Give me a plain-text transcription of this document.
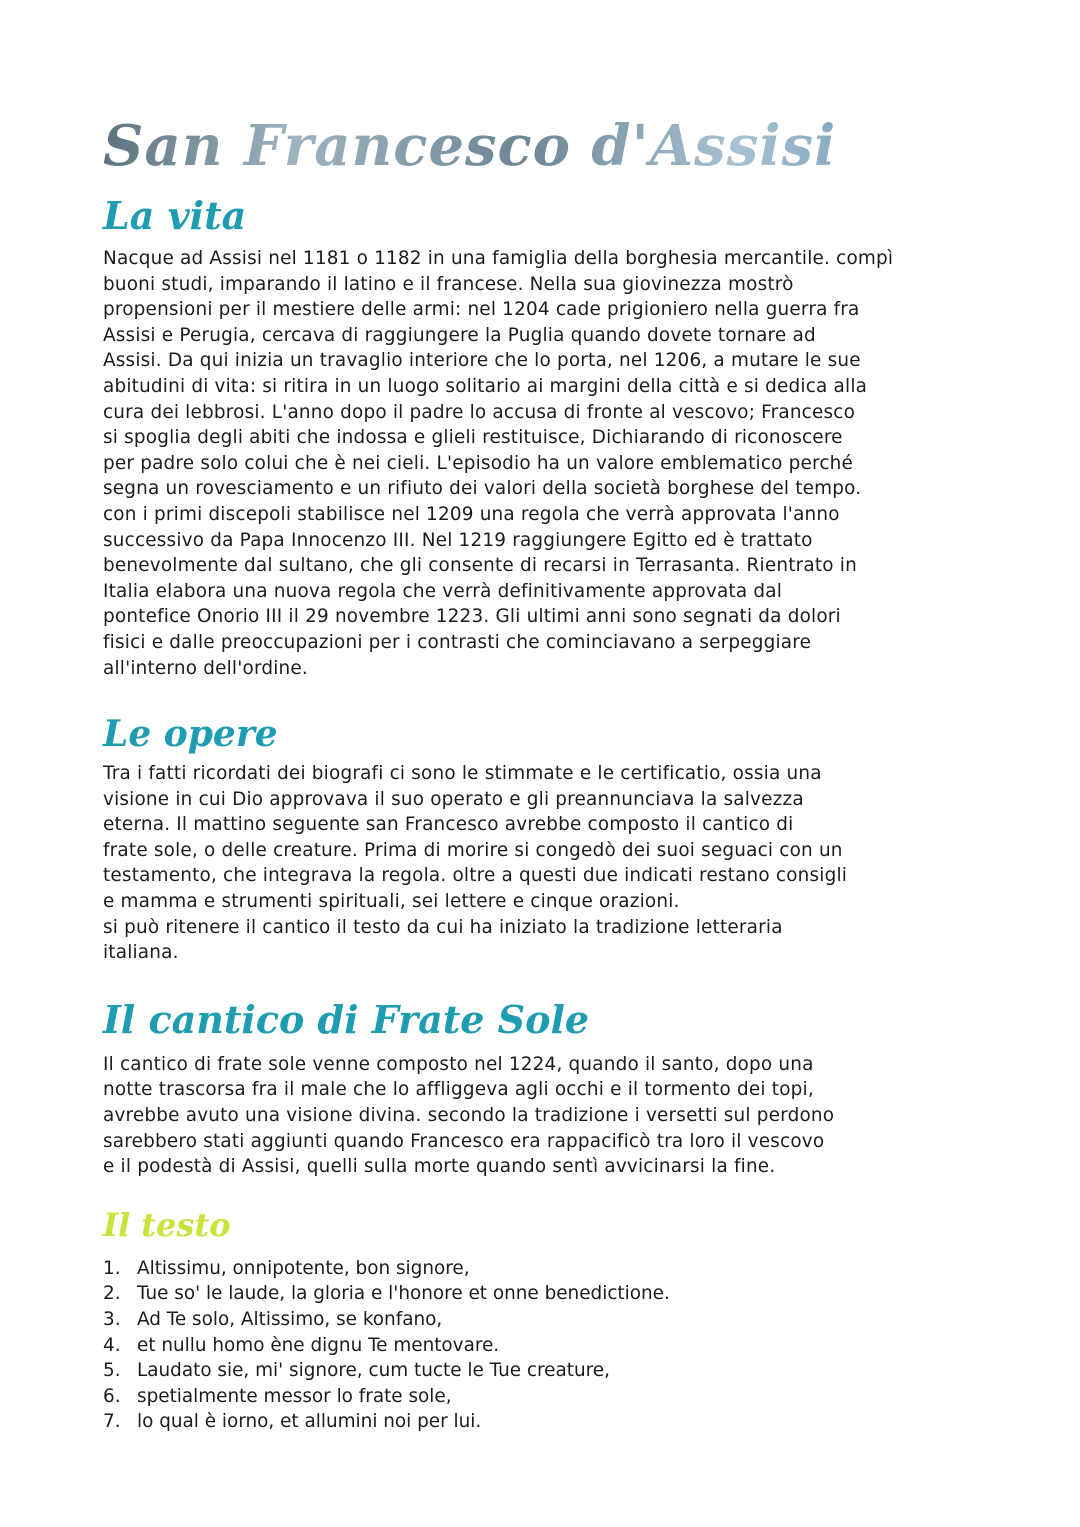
San Francesco d'Assisi
La vita

Nacque ad Assisi nel 1181 o 1182 in una famiglia della borghesia mercantile. compì
buoni studi, imparando il latino e il francese. Nella sua giovinezza mostrò
propensioni per il mestiere delle armi: nel 1204 cade prigioniero nella guerra fra
Assisi e Perugia, cercava di raggiungere la Puglia quando dovete tornare ad
Assisi. Da qui inizia un travaglio interiore che lo porta, nel 1206, a mutare le sue
abitudini di vita: si ritira in un luogo solitario ai margini della città e si dedica alla
cura dei lebbrosi. L'anno dopo il padre lo accusa di fronte al vescovo; Francesco
si spoglia degli abiti che indossa e glieli restituisce, Dichiarando di riconoscere
per padre solo colui che è nei cieli. L'episodio ha un valore emblematico perché
segna un rovesciamento e un rifiuto dei valori della società borghese del tempo.
con i primi discepoli stabilisce nel 1209 una regola che verrà approvata l'anno
successivo da Papa Innocenzo III. Nel 1219 raggiungere Egitto ed è trattato
benevolmente dal sultano, che gli consente di recarsi in Terrasanta. Rientrato in
Italia elabora una nuova regola che verrà definitivamente approvata dal
pontefice Onorio III il 29 novembre 1223. Gli ultimi anni sono segnati da dolori
fisici e dalle preoccupazioni per i contrasti che cominciavano a serpeggiare
all'interno dell'ordine.

Le opere

Tra i fatti ricordati dei biografi ci sono le stimmate e le certificatio, ossia una
visione in cui Dio approvava il suo operato e gli preannunciava la salvezza
eterna. Il mattino seguente san Francesco avrebbe composto il cantico di
frate sole, o delle creature. Prima di morire si congedò dei suoi seguaci con un
testamento, che integrava la regola. oltre a questi due indicati restano consigli
e mamma e strumenti spirituali, sei lettere e cinque orazioni.
si può ritenere il cantico il testo da cui ha iniziato la tradizione letteraria
italiana.

Il cantico di Frate Sole

Il cantico di frate sole venne composto nel 1224, quando il santo, dopo una
notte trascorsa fra il male che lo affliggeva agli occhi e il tormento dei topi,
avrebbe avuto una visione divina. secondo la tradizione i versetti sul perdono
sarebbero stati aggiunti quando Francesco era rappacificò tra loro il vescovo
e il podestà di Assisi, quelli sulla morte quando sentì avvicinarsi la fine.

Il testo
1. Altissimu, onnipotente, bon signore,
2. Tue so' le laude, la gloria e l'honore et onne benedictione.
3. Ad Te solo, Altissimo, se konfano,
4. et nullu homo ène dignu Te mentovare.
5. Laudato sie, mi' signore, cum tucte le Tue creature,
6. spetialmente messor lo frate sole,
7. lo qual è iorno, et allumini noi per lui.
